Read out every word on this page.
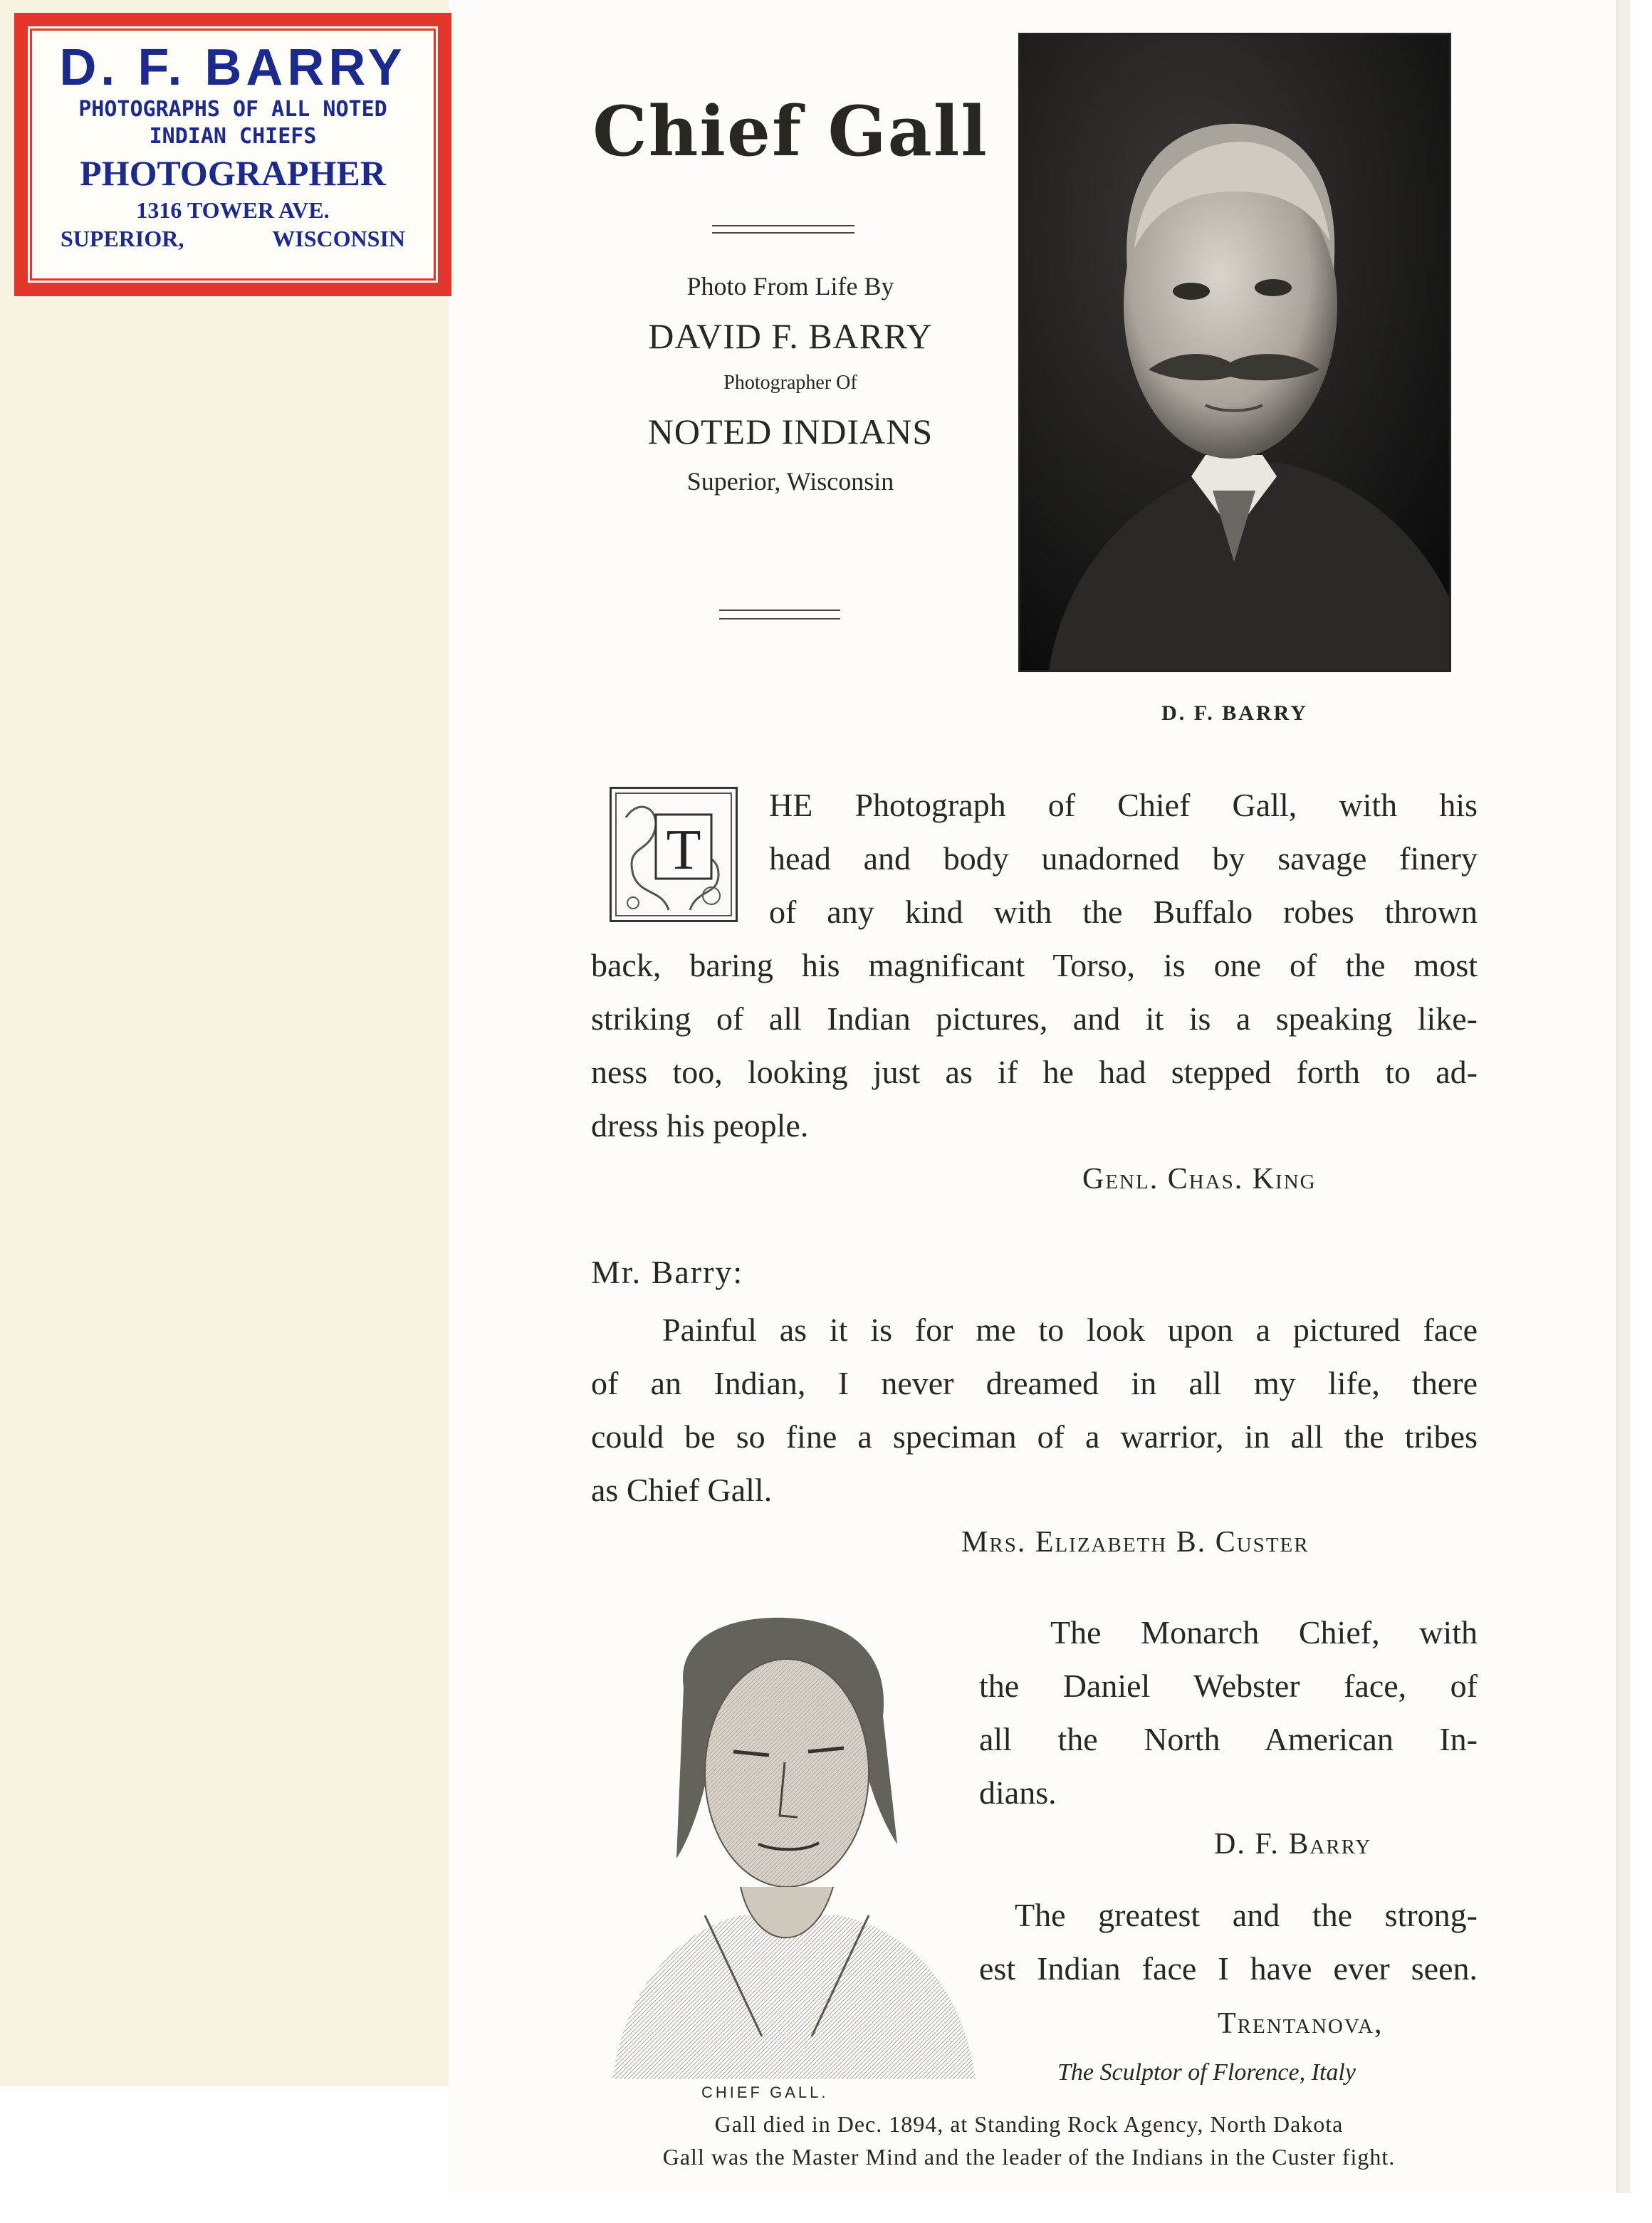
D. F. BARRY
PHOTOGRAPHS OF ALL NOTED
INDIAN CHIEFS
PHOTOGRAPHER
1316 TOWER AVE.
SUPERIOR,	WISCONSIN
Chief Gall
Photo From Life By
DAVID F. BARRY
Photographer Of
NOTED INDIANS
Superior, Wisconsin
D. F. BARRY
T
HE Photograph of Chief Gall, with his
head and body unadorned by savage finery
of any kind with the Buffalo robes thrown
back, baring his magnificant Torso, is one of the most
striking of all Indian pictures, and it is a speaking like-
ness too, looking just as if he had stepped forth to ad-
dress his people.
Genl. Chas. King
Mr. Barry:
Painful as it is for me to look upon a pictured face
of an Indian, I never dreamed in all my life, there
could be so fine a speciman of a warrior, in all the tribes
as Chief Gall.
Mrs. Elizabeth B. Custer
CHIEF GALL.
The Monarch Chief, with
the Daniel Webster face, of
all the North American In-
dians.
D. F. Barry
The greatest and the strong-
est Indian face I have ever seen.
Trentanova,
The Sculptor of Florence, Italy
Gall died in Dec. 1894, at Standing Rock Agency, North Dakota
Gall was the Master Mind and the leader of the Indians in the Custer fight.
